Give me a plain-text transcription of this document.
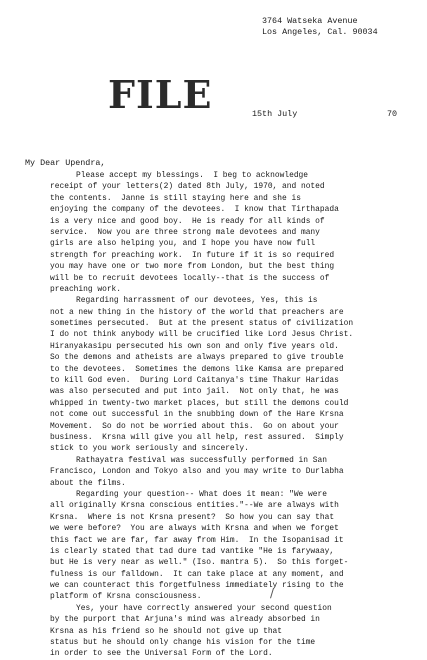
3764 Watseka Avenue
Los Angeles, Cal. 90034
FILE	15th July	70
My Dear Upendra,
Please accept my blessings.  I beg to acknowledge
receipt of your letters(2) dated 8th July, 1970, and noted
the contents.  Janne is still staying here and she is
enjoying the company of the devotees.  I know that Tirthapada
is a very nice and good boy.  He is ready for all kinds of
service.  Now you are three strong male devotees and many
girls are also helping you, and I hope you have now full
strength for preaching work.  In future if it is so required
you may have one or two more from London, but the best thing
will be to recruit devotees locally--that is the success of
preaching work.
Regarding harrassment of our devotees, Yes, this is
not a new thing in the history of the world that preachers are
sometimes persecuted.  But at the present status of civilization
I do not think anybody will be crucified like Lord Jesus Christ.
Hiranyakasipu persecuted his own son and only five years old.
So the demons and atheists are always prepared to give trouble
to the devotees.  Sometimes the demons like Kamsa are prepared
to kill God even.  During Lord Caitanya's time Thakur Haridas
was also persecuted and put into jail.  Not only that, he was
whipped in twenty-two market places, but still the demons could
not come out successful in the snubbing down of the Hare Krsna
Movement.  So do not be worried about this.  Go on about your
business.  Krsna will give you all help, rest assured.  Simply
stick to you work seriously and sincerely.
Rathayatra festival was successfully performed in San
Francisco, London and Tokyo also and you may write to Durlabha
about the films.
Regarding your question-- What does it mean: "We were
all originally Krsna conscious entities."--We are always with
Krsna.  Where is not Krsna present?  So how you can say that
we were before?  You are always with Krsna and when we forget
this fact we are far, far away from Him.  In the Isopanisad it
is clearly stated that tad dure tad vantike "He is farywaay,
but He is very near as well." (Iso. mantra 5).  So this forget-
fulness is our falldown.  It can take place at any moment, and
we can counteract this forgetfulness immediately rising to the
platform of Krsna consciousness.
Yes, your have correctly answered your second question
by the purport that Arjuna's mind was already absorbed in
Krsna as his friend so he should not give up that
status but he should only change his vision for the time
in order to see the Universal Form of the Lord.
/
